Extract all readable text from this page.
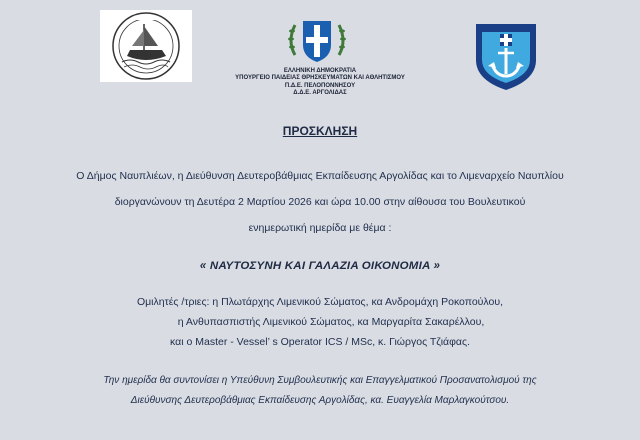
ΕΛΛΗΝΙΚΗ ΔΗΜΟΚΡΑΤΙΑ
ΥΠΟΥΡΓΕΙΟ ΠΑΙΔΕΙΑΣ ΘΡΗΣΚΕΥΜΑΤΩΝ ΚΑΙ ΑΘΛΗΤΙΣΜΟΥ
Π.Δ.Ε. ΠΕΛΟΠΟΝΝΗΣΟΥ
Δ.Δ.Ε. ΑΡΓΟΛΙΔΑΣ
ΠΡΟΣΚΛΗΣΗ
Ο Δήμος Ναυπλιέων, η Διεύθυνση Δευτεροβάθμιας Εκπαίδευσης Αργολίδας και το Λιμεναρχείο Ναυπλίου
διοργανώνουν τη Δευτέρα 2 Μαρτίου 2026 και ώρα 10.00 στην αίθουσα του Βουλευτικού
ενημερωτική ημερίδα με θέμα :
« ΝΑΥΤΟΣΥΝΗ ΚΑΙ ΓΑΛΑΖΙΑ ΟΙΚΟΝΟΜΙΑ »
Ομιλητές /τριες: η Πλωτάρχης Λιμενικού Σώματος, κα Ανδρομάχη Ροκοπούλου,
η Ανθυπασπιστής Λιμενικού Σώματος, κα Μαργαρίτα Σακαρέλλου,
και ο Master - Vessel’ s Operator ICS / MSc, κ. Γιώργος Τζιάφας.
Την ημερίδα θα συντονίσει η Υπεύθυνη Συμβουλευτικής και Επαγγελματικού Προσανατολισμού της
Διεύθυνσης Δευτεροβάθμιας Εκπαίδευσης Αργολίδας, κα. Ευαγγελία Μαρλαγκούτσου.
